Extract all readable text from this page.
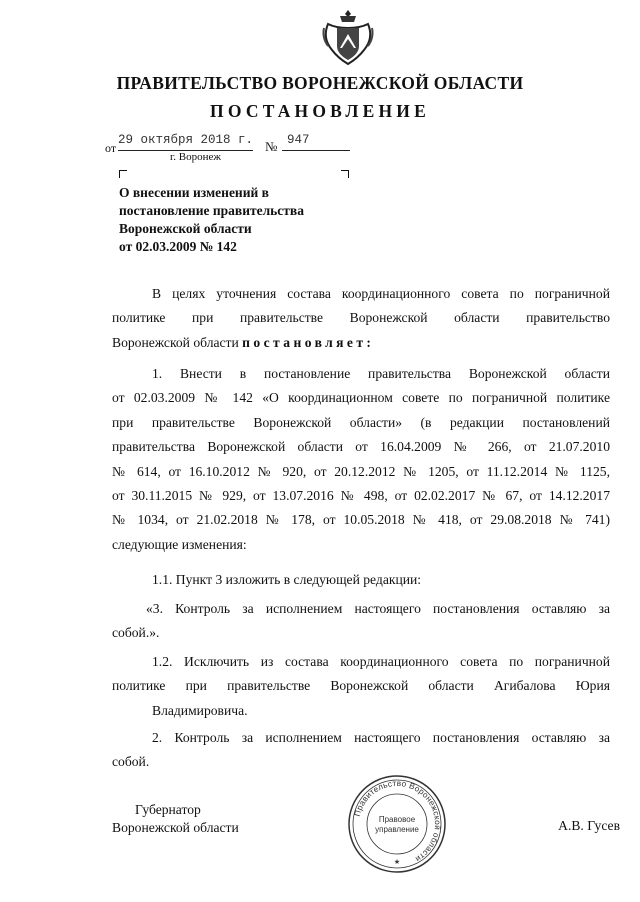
ПРАВИТЕЛЬСТВО ВОРОНЕЖСКОЙ ОБЛАСТИ
ПОСТАНОВЛЕНИЕ
от
29 октября 2018 г. № 947
г. Воронеж
О внесении изменений в
постановление правительства
Воронежской области
от 02.03.2009 № 142
В целях уточнения состава координационного совета по пограничной
политике при правительстве Воронежской области правительство
Воронежской области постановляет:
1. Внести в постановление правительства Воронежской области
от 02.03.2009 № 142 «О координационном совете по пограничной политике
при правительстве Воронежской области» (в редакции постановлений
правительства Воронежской области от 16.04.2009 № 266, от 21.07.2010
№ 614, от 16.10.2012 № 920, от 20.12.2012 № 1205, от 11.12.2014 № 1125,
от 30.11.2015 № 929, от 13.07.2016 № 498, от 02.02.2017 № 67, от 14.12.2017
№ 1034, от 21.02.2018 № 178, от 10.05.2018 № 418, от 29.08.2018 № 741)
следующие изменения:
1.1. Пункт 3 изложить в следующей редакции:
«3. Контроль за исполнением настоящего постановления оставляю за
собой.».
1.2. Исключить из состава координационного совета по пограничной
политике при правительстве Воронежской области Агибалова Юрия
Владимировича.
2. Контроль за исполнением настоящего постановления оставляю за
собой.
Губернатор
Воронежской области	А.В. Гусев
Правительство Воронежской области
Правовое
управление
★
